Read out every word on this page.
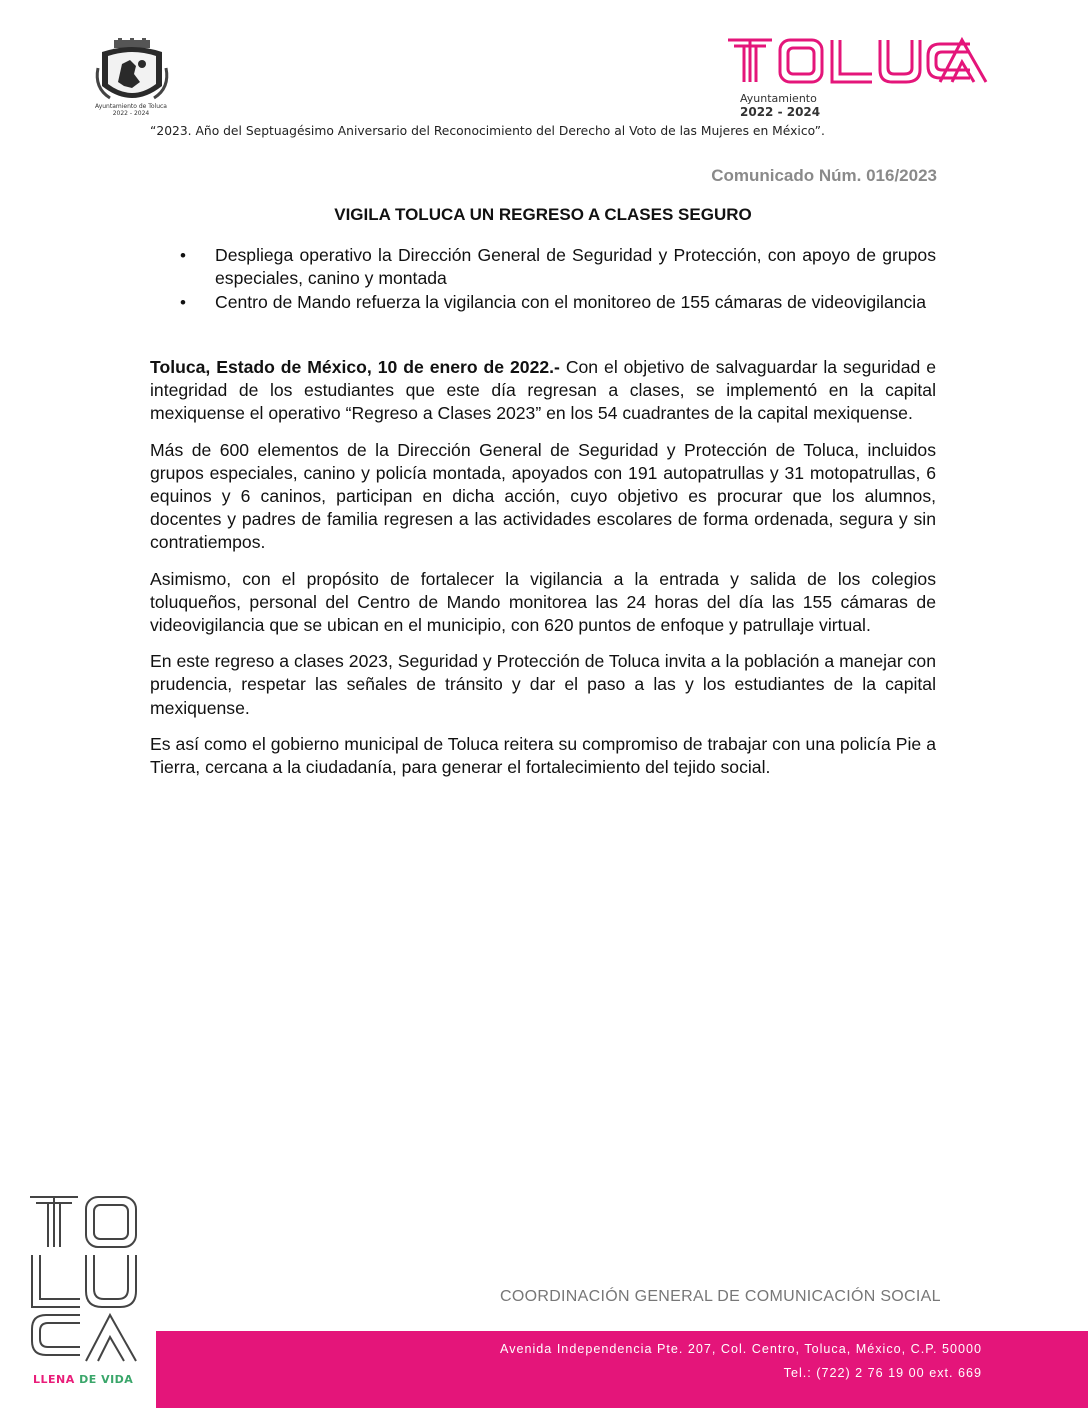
Ayuntamiento de Toluca
2022 - 2024
Ayuntamiento
2022 - 2024
“2023. Año del Septuagésimo Aniversario del Reconocimiento del Derecho al Voto de las Mujeres en México”.
Comunicado Núm. 016/2023
VIGILA TOLUCA UN REGRESO A CLASES SEGURO
• Despliega operativo la Dirección General de Seguridad y Protección, con apoyo de grupos especiales, canino y montada
• Centro de Mando refuerza la vigilancia con el monitoreo de 155 cámaras de videovigilancia

Toluca, Estado de México, 10 de enero de 2022.- Con el objetivo de salvaguardar la seguridad e integridad de los estudiantes que este día regresan a clases, se implementó en la capital mexiquense el operativo “Regreso a Clases 2023” en los 54 cuadrantes de la capital mexiquense.

Más de 600 elementos de la Dirección General de Seguridad y Protección de Toluca, incluidos grupos especiales, canino y policía montada, apoyados con 191 autopatrullas y 31 motopatrullas, 6 equinos y 6 caninos, participan en dicha acción, cuyo objetivo es procurar que los alumnos, docentes y padres de familia regresen a las actividades escolares de forma ordenada, segura y sin contratiempos.

Asimismo, con el propósito de fortalecer la vigilancia a la entrada y salida de los colegios toluqueños, personal del Centro de Mando monitorea las 24 horas del día las 155 cámaras de videovigilancia que se ubican en el municipio, con 620 puntos de enfoque y patrullaje virtual.

En este regreso a clases 2023, Seguridad y Protección de Toluca invita a la población a manejar con prudencia, respetar las señales de tránsito y dar el paso a las y los estudiantes de la capital mexiquense.

Es así como el gobierno municipal de Toluca reitera su compromiso de trabajar con una policía Pie a Tierra, cercana a la ciudadanía, para generar el fortalecimiento del tejido social.

LLENA DE VIDA
COORDINACIÓN GENERAL DE COMUNICACIÓN SOCIAL
Avenida Independencia Pte. 207, Col. Centro, Toluca, México, C.P. 50000
Tel.: (722) 2 76 19 00 ext. 669
